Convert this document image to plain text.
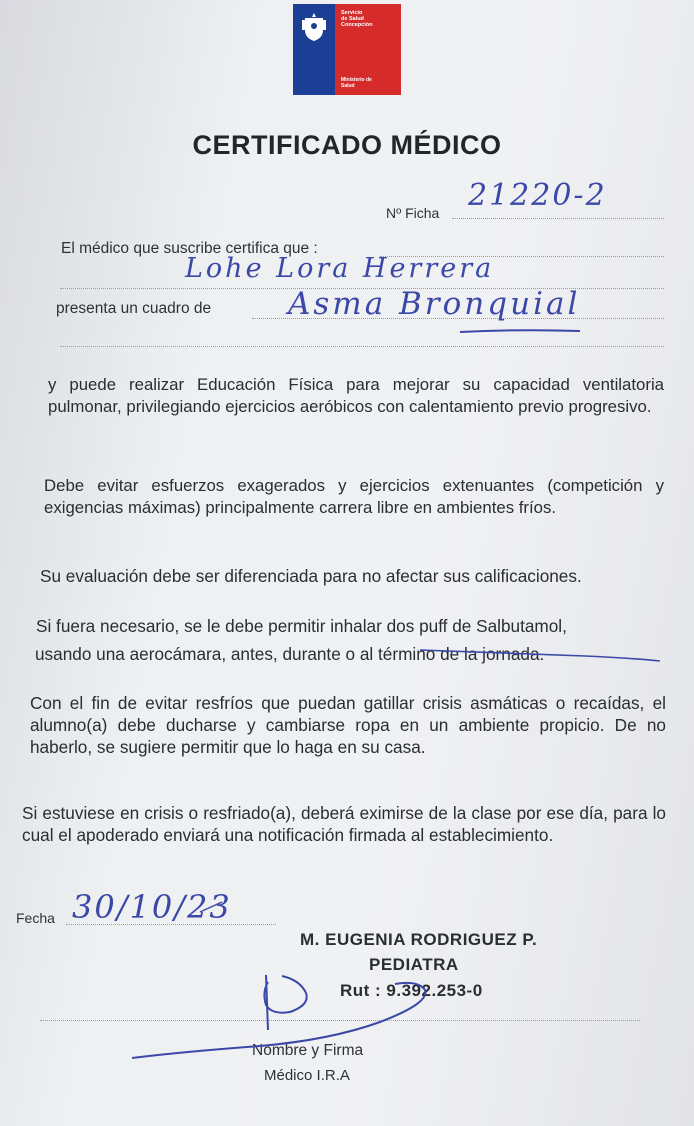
Servicio
de Salud
Concepción
Ministerio de
Salud
CERTIFICADO MÉDICO
Nº Ficha 21220-2
El médico que suscribe certifica que :
Lohe Lora Herrera
presenta un cuadro de Asma Bronquial
y puede realizar Educación Física para mejorar su capacidad ventilatoria pulmonar, privilegiando ejercicios aeróbicos con calentamiento previo progresivo.
Debe evitar esfuerzos exagerados y ejercicios extenuantes (competición y exigencias máximas) principalmente carrera libre en ambientes fríos.
Su evaluación debe ser diferenciada para no afectar sus calificaciones.
Si fuera necesario, se le debe permitir inhalar dos puff de Salbutamol,
usando una aerocámara, antes, durante o al término de la jornada.
Con el fin de evitar resfríos que puedan gatillar crisis asmáticas o recaídas, el alumno(a) debe ducharse y cambiarse ropa en un ambiente propicio. De no haberlo, se sugiere permitir que lo haga en su casa.
Si estuviese en crisis o resfriado(a), deberá eximirse de la clase por ese día, para lo cual el apoderado enviará una notificación firmada al establecimiento.
Fecha 30/10/23
M. EUGENIA RODRIGUEZ P.
PEDIATRA
Rut : 9.392.253-0
Nombre y Firma
Médico I.R.A
